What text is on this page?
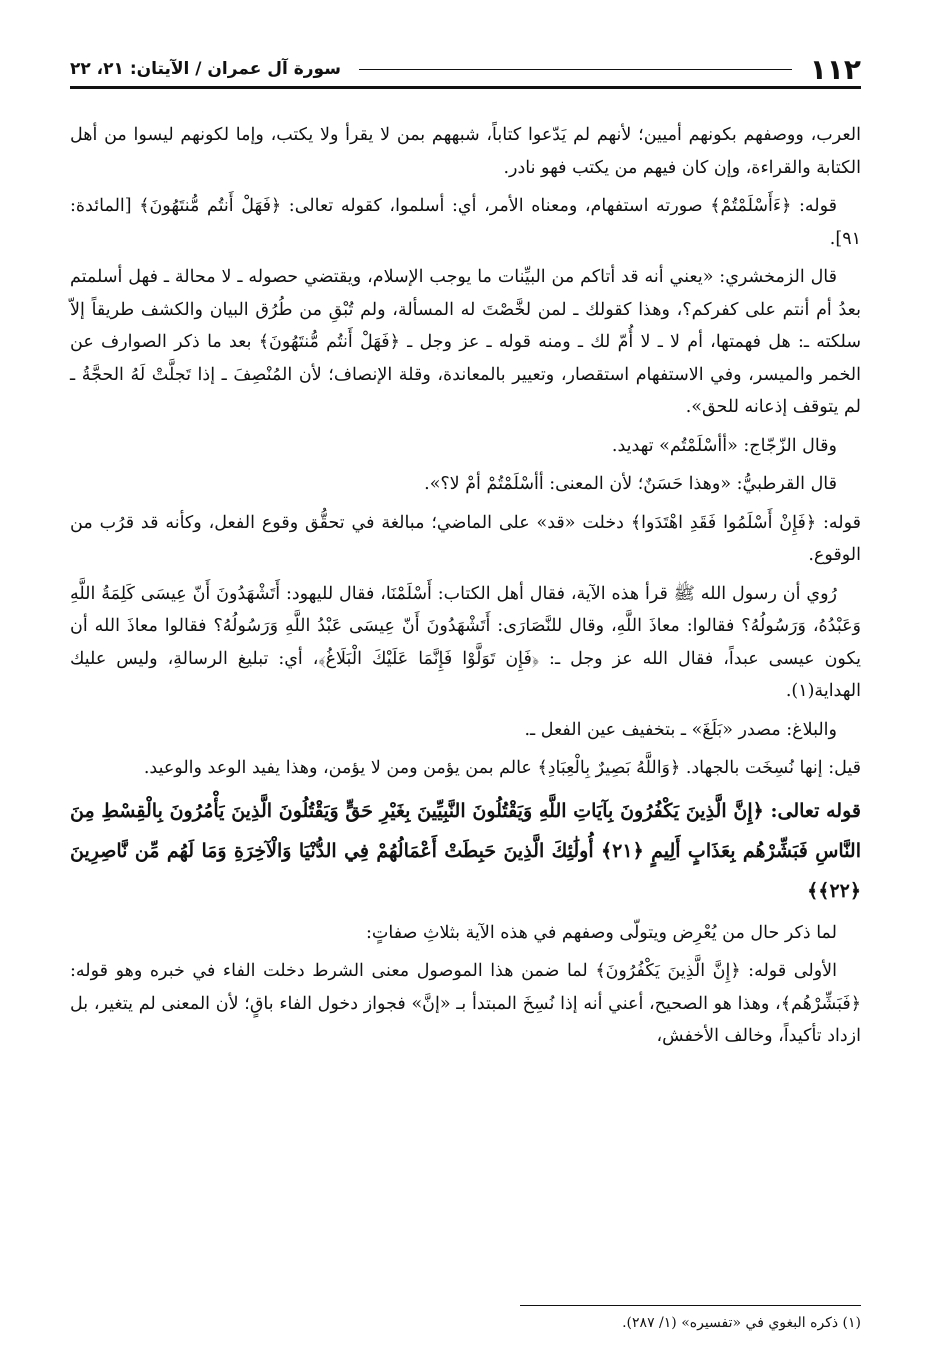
١١٢
سورة آل عمران / الآيتان: ٢١، ٢٢

العرب، ووصفهم بكونهم أميين؛ لأنهم لم يَدّعوا كتاباً، شبههم بمن لا يقرأ ولا يكتب، وإما لكونهم ليسوا من أهل الكتابة والقراءة، وإن كان فيهم من يكتب فهو نادر.

قوله: ﴿ءَأَسْلَمْتُمْ﴾ صورته استفهام، ومعناه الأمر، أي: أسلموا، كقوله تعالى: ﴿فَهَلْ أَنتُم مُّنتَهُونَ﴾ [المائدة: ٩١].

قال الزمخشري: «يعني أنه قد أتاكم من البيِّنات ما يوجب الإسلام، ويقتضي حصوله ـ لا محالة ـ فهل أسلمتم بعدُ أم أنتم على كفركم؟، وهذا كقولك ـ لمن لخَّصْتَ له المسألة، ولم تُبْقِ من طُرُق البيان والكشف طريقاً إلاّ سلكته ـ: هل فهمتها، أم لا ـ لا أُمّ لك ـ ومنه قوله ـ عز وجل ـ ﴿فَهَلْ أَنتُم مُّنتَهُونَ﴾ بعد ما ذكر الصوارف عن الخمر والميسر، وفي الاستفهام استقصار، وتعيير بالمعاندة، وقلة الإنصاف؛ لأن المُنْصِفَ ـ إذا تَجلَّتْ لَهُ الحجَّةُ ـ لم يتوقف إذعانه للحق».

وقال الزّجّاج: «أأسْلَمْتُم» تهديد.

قال القرطبيُّ: «وهذا حَسَنٌ؛ لأن المعنى: أأسْلَمْتُمْ أمْ لا؟».

قوله: ﴿فَإِنْ أَسْلَمُوا فَقَدِ اهْتَدَوا﴾ دخلت «قد» على الماضي؛ مبالغة في تحقُّق وقوع الفعل، وكأنه قد قرُب من الوقوع.

رُوي أن رسول الله ﷺ قرأ هذه الآية، فقال أهل الكتاب: أَسْلَمْنَا، فقال لليهود: أَتَشْهَدُونَ أَنّ عِيسَى كَلِمَةُ اللَّهِ وَعَبْدُهُ، وَرَسُولُهُ؟ فقالوا: معاذَ اللَّهِ، وقال للنَّصَارَى: أَتَشْهَدُونَ أَنّ عِيسَى عَبْدُ اللَّهِ وَرَسُولُهُ؟ فقالوا معاذَ الله أن يكون عيسى عبداً، فقال الله عز وجل ـ: ﴿فَإِن تَوَلَّوْا فَإِنَّمَا عَلَيْكَ الْبَلَاغُ﴾، أي: تبليغ الرسالةِ، وليس عليك الهداية(١).

والبلاغ: مصدر «بَلَغَ» ـ بتخفيف عين الفعل ـ.

قيل: إنها نُسِخَت بالجهاد. ﴿وَاللَّهُ بَصِيرٌ بِالْعِبَادِ﴾ عالم بمن يؤمن ومن لا يؤمن، وهذا يفيد الوعد والوعيد.

قوله تعالى: ﴿إِنَّ الَّذِينَ يَكْفُرُونَ بِآيَاتِ اللَّهِ وَيَقْتُلُونَ النَّبِيِّينَ بِغَيْرِ حَقٍّ وَيَقْتُلُونَ الَّذِينَ يَأْمُرُونَ بِالْقِسْطِ مِنَ النَّاسِ فَبَشِّرْهُم بِعَذَابٍ أَلِيمٍ ﴿٢١﴾ أُولَٰئِكَ الَّذِينَ حَبِطَتْ أَعْمَالُهُمْ فِي الدُّنْيَا وَالْآخِرَةِ وَمَا لَهُم مِّن نَّاصِرِينَ ﴿٢٢﴾﴾

لما ذكر حال من يُعْرِض ويتولّى وصفهم في هذه الآية بثلاثِ صفاتٍ:

الأولى قوله: ﴿إِنَّ الَّذِينَ يَكْفُرُونَ﴾ لما ضمن هذا الموصول معنى الشرط دخلت الفاء في خبره وهو قوله: ﴿فَبَشِّرْهُم﴾، وهذا هو الصحيح، أعني أنه إذا نُسِخَ المبتدأ بـ «إنَّ» فجواز دخول الفاء باقٍ؛ لأن المعنى لم يتغير، بل ازداد تأكيداً، وخالف الأخفش،

(١) ذكره البغوي في «تفسيره» (١/ ٢٨٧).
